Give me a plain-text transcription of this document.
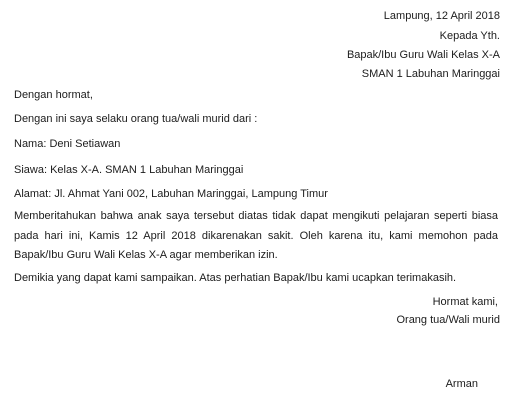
Lampung, 12 April 2018
Kepada Yth.
Bapak/Ibu Guru Wali Kelas X-A
SMAN 1 Labuhan Maringgai
Dengan hormat,
Dengan ini saya selaku orang tua/wali murid dari :
Nama: Deni Setiawan
Siawa: Kelas X-A. SMAN 1 Labuhan Maringgai
Alamat: Jl. Ahmat Yani 002, Labuhan Maringgai, Lampung Timur
Memberitahukan bahwa anak saya tersebut diatas tidak dapat mengikuti pelajaran seperti biasa pada hari ini, Kamis 12 April 2018 dikarenakan sakit. Oleh karena itu, kami memohon pada Bapak/Ibu Guru Wali Kelas X-A agar memberikan izin.
Demikia yang dapat kami sampaikan. Atas perhatian Bapak/Ibu kami ucapkan terimakasih.
Hormat kami,
Orang tua/Wali murid
Arman
